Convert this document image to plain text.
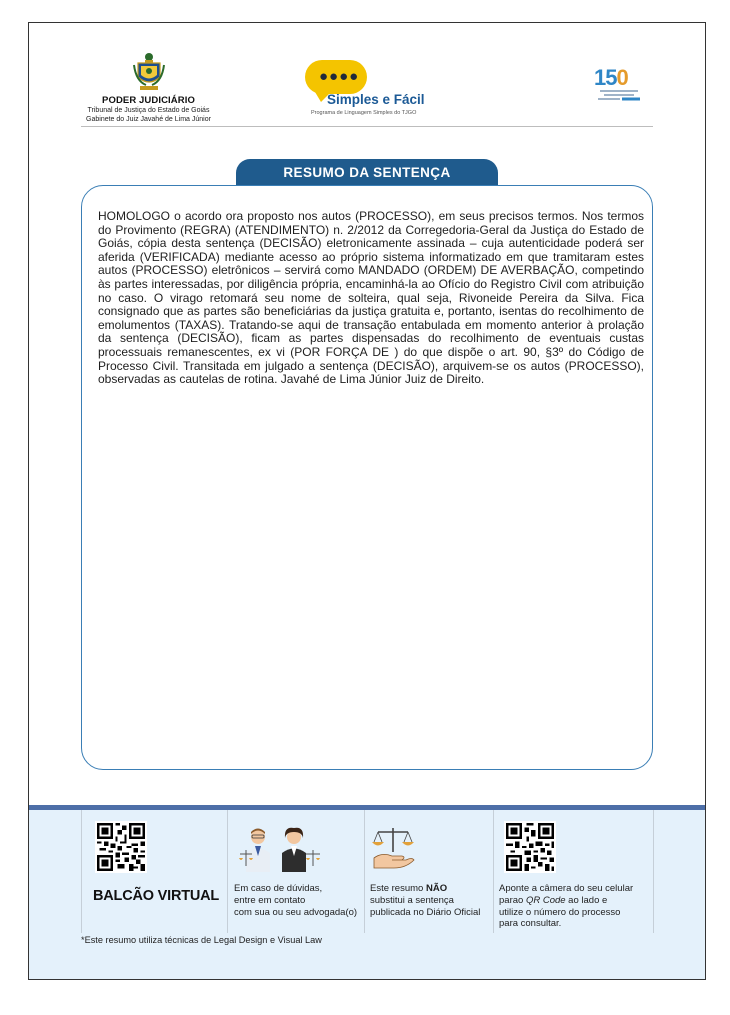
PODER JUDICIÁRIO
Tribunal de Justiça do Estado de Goiás
Gabinete do Juiz Javahé de Lima Júnior
●●●●
Simples e Fácil
Programa de Linguagem Simples do TJGO
150
RESUMO DA SENTENÇA
HOMOLOGO o acordo ora proposto nos autos (PROCESSO), em seus precisos termos. Nos termos do Provimento (REGRA) (ATENDIMENTO) n. 2/2012 da Corregedoria-Geral da Justiça do Estado de Goiás, cópia desta sentença (DECISÃO) eletronicamente assinada – cuja autenticidade poderá ser aferida (VERIFICADA) mediante acesso ao próprio sistema informatizado em que tramitaram estes autos (PROCESSO) eletrônicos – servirá como MANDADO (ORDEM) DE AVERBAÇÃO, competindo às partes interessadas, por diligência própria, encaminhá-la ao Ofício do Registro Civil com atribuição no caso. O virago retomará seu nome de solteira, qual seja, Rivoneide Pereira da Silva. Fica consignado que as partes são beneficiárias da justiça gratuita e, portanto, isentas do recolhimento de emolumentos (TAXAS). Tratando-se aqui de transação entabulada em momento anterior à prolação da sentença (DECISÃO), ficam as partes dispensadas do recolhimento de eventuais custas processuais remanescentes, ex vi (POR FORÇA DE ) do que dispõe o art. 90, §3º do Código de Processo Civil. Transitada em julgado a sentença (DECISÃO), arquivem-se os autos (PROCESSO), observadas as cautelas de rotina. Javahé de Lima Júnior Juiz de Direito.
BALCÃO VIRTUAL Em caso de dúvidas,
entre em contato
com sua ou seu advogada(o)
Este resumo NÃO
substitui a sentença
publicada no Diário Oficial
Aponte a câmera do seu celular
parao QR Code ao lado e
utilize o número do processo
para consultar.
*Este resumo utiliza técnicas de Legal Design e Visual Law
